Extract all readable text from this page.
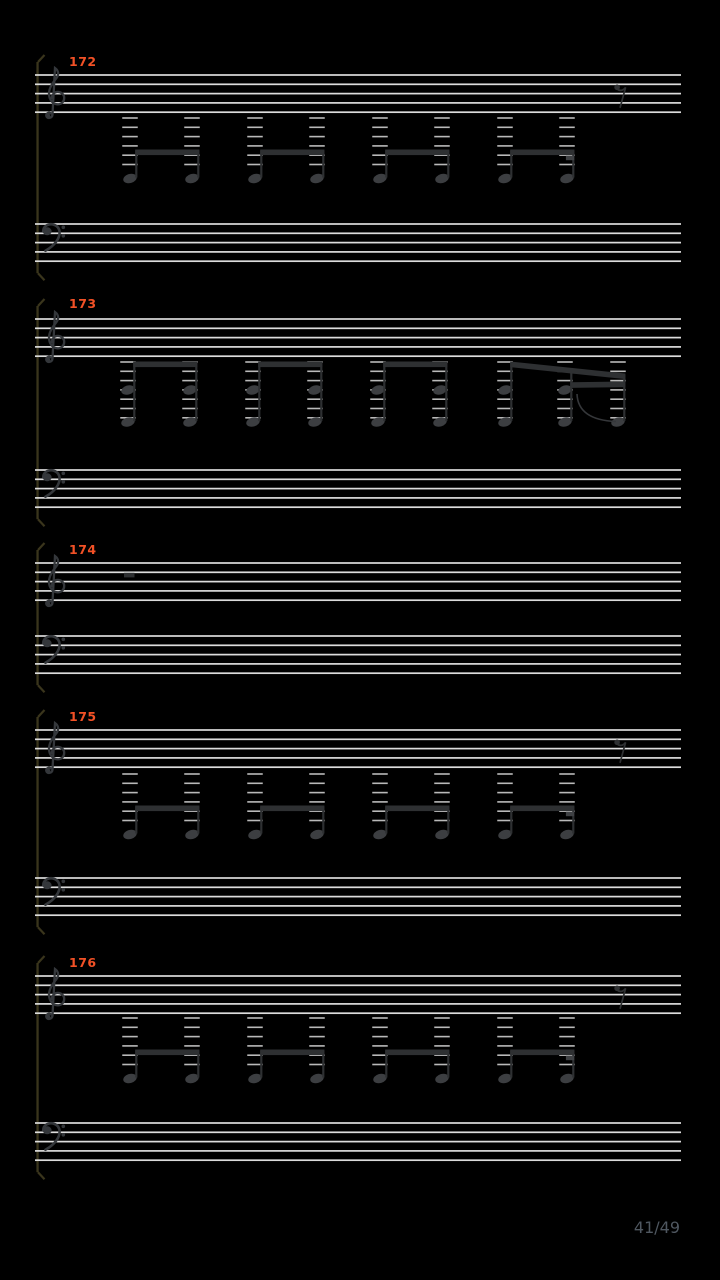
172
173
174
175
176
41/49
